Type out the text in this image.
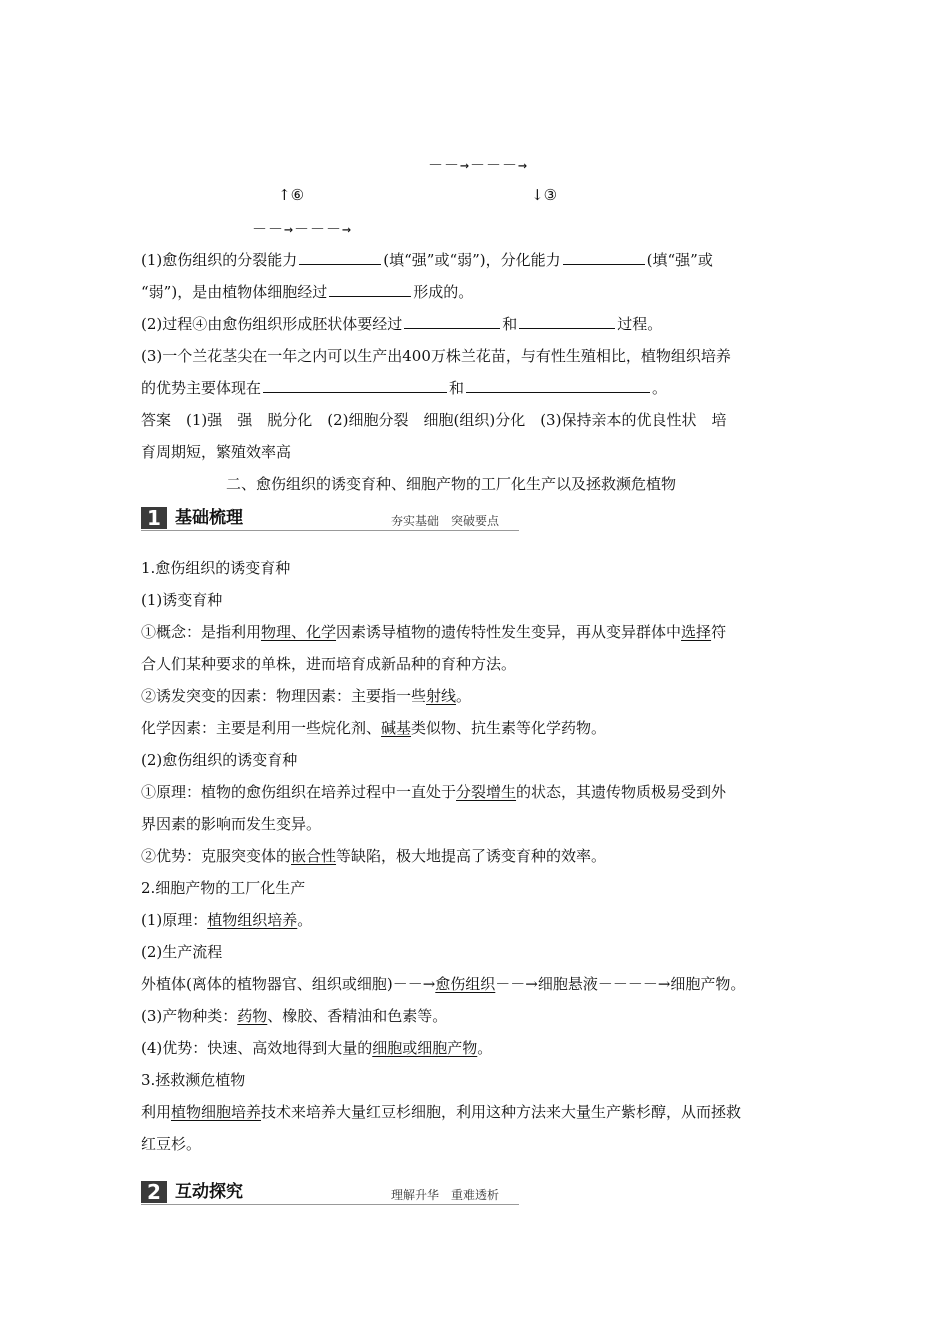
－－→－－－→
↑⑥	↓③
－－→－－－→
(1)愈伤组织的分裂能力	(填“强”或“弱”)，分化能力	(填“强”或
“弱”)，是由植物体细胞经过	形成的。
(2)过程④由愈伤组织形成胚状体要经过	和	过程。
(3)一个兰花茎尖在一年之内可以生产出400万株兰花苗，与有性生殖相比，植物组织培养
的优势主要体现在	和	。
答案　(1)强　强　脱分化　(2)细胞分裂　细胞(组织)分化　(3)保持亲本的优良性状　培
育周期短，繁殖效率高
二、愈伤组织的诱变育种、细胞产物的工厂化生产以及拯救濒危植物
1 基础梳理	夯实基础　突破要点
1.愈伤组织的诱变育种
(1)诱变育种
①概念：是指利用物理、化学因素诱导植物的遗传特性发生变异，再从变异群体中选择符
合人们某种要求的单株，进而培育成新品种的育种方法。
②诱发突变的因素：物理因素：主要指一些射线。
化学因素：主要是利用一些烷化剂、碱基类似物、抗生素等化学药物。
(2)愈伤组织的诱变育种
①原理：植物的愈伤组织在培养过程中一直处于分裂增生的状态，其遗传物质极易受到外
界因素的影响而发生变异。
②优势：克服突变体的嵌合性等缺陷，极大地提高了诱变育种的效率。
2.细胞产物的工厂化生产
(1)原理：植物组织培养。
(2)生产流程
外植体(离体的植物器官、组织或细胞)－－→愈伤组织－－→细胞悬液－－－－→细胞产物。
(3)产物种类：药物、橡胶、香精油和色素等。
(4)优势：快速、高效地得到大量的细胞或细胞产物。
3.拯救濒危植物
利用植物细胞培养技术来培养大量红豆杉细胞，利用这种方法来大量生产紫杉醇，从而拯救
红豆杉。
2 互动探究	理解升华　重难透析
